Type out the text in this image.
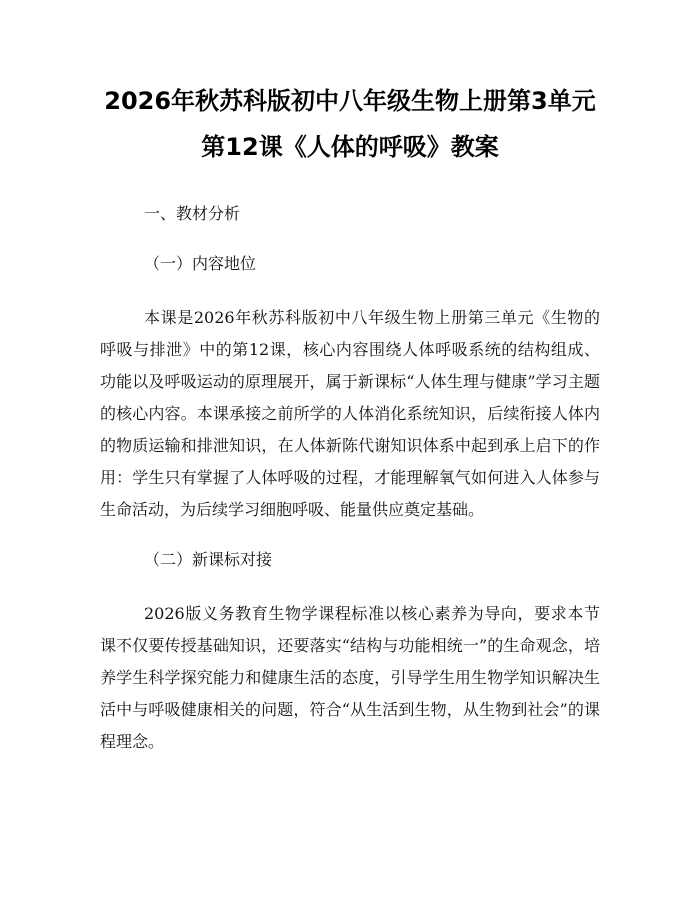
2026年秋苏科版初中八年级生物上册第3单元第12课《人体的呼吸》教案
一、教材分析
（一）内容地位

本课是2026年秋苏科版初中八年级生物上册第三单元《生物的呼吸与排泄》中的第12课，核心内容围绕人体呼吸系统的结构组成、功能以及呼吸运动的原理展开，属于新课标“人体生理与健康”学习主题的核心内容。本课承接之前所学的人体消化系统知识，后续衔接人体内的物质运输和排泄知识，在人体新陈代谢知识体系中起到承上启下的作用：学生只有掌握了人体呼吸的过程，才能理解氧气如何进入人体参与生命活动，为后续学习细胞呼吸、能量供应奠定基础。

（二）新课标对接

2026版义务教育生物学课程标准以核心素养为导向，要求本节课不仅要传授基础知识，还要落实“结构与功能相统一”的生命观念，培养学生科学探究能力和健康生活的态度，引导学生用生物学知识解决生活中与呼吸健康相关的问题，符合“从生活到生物，从生物到社会”的课程理念。
